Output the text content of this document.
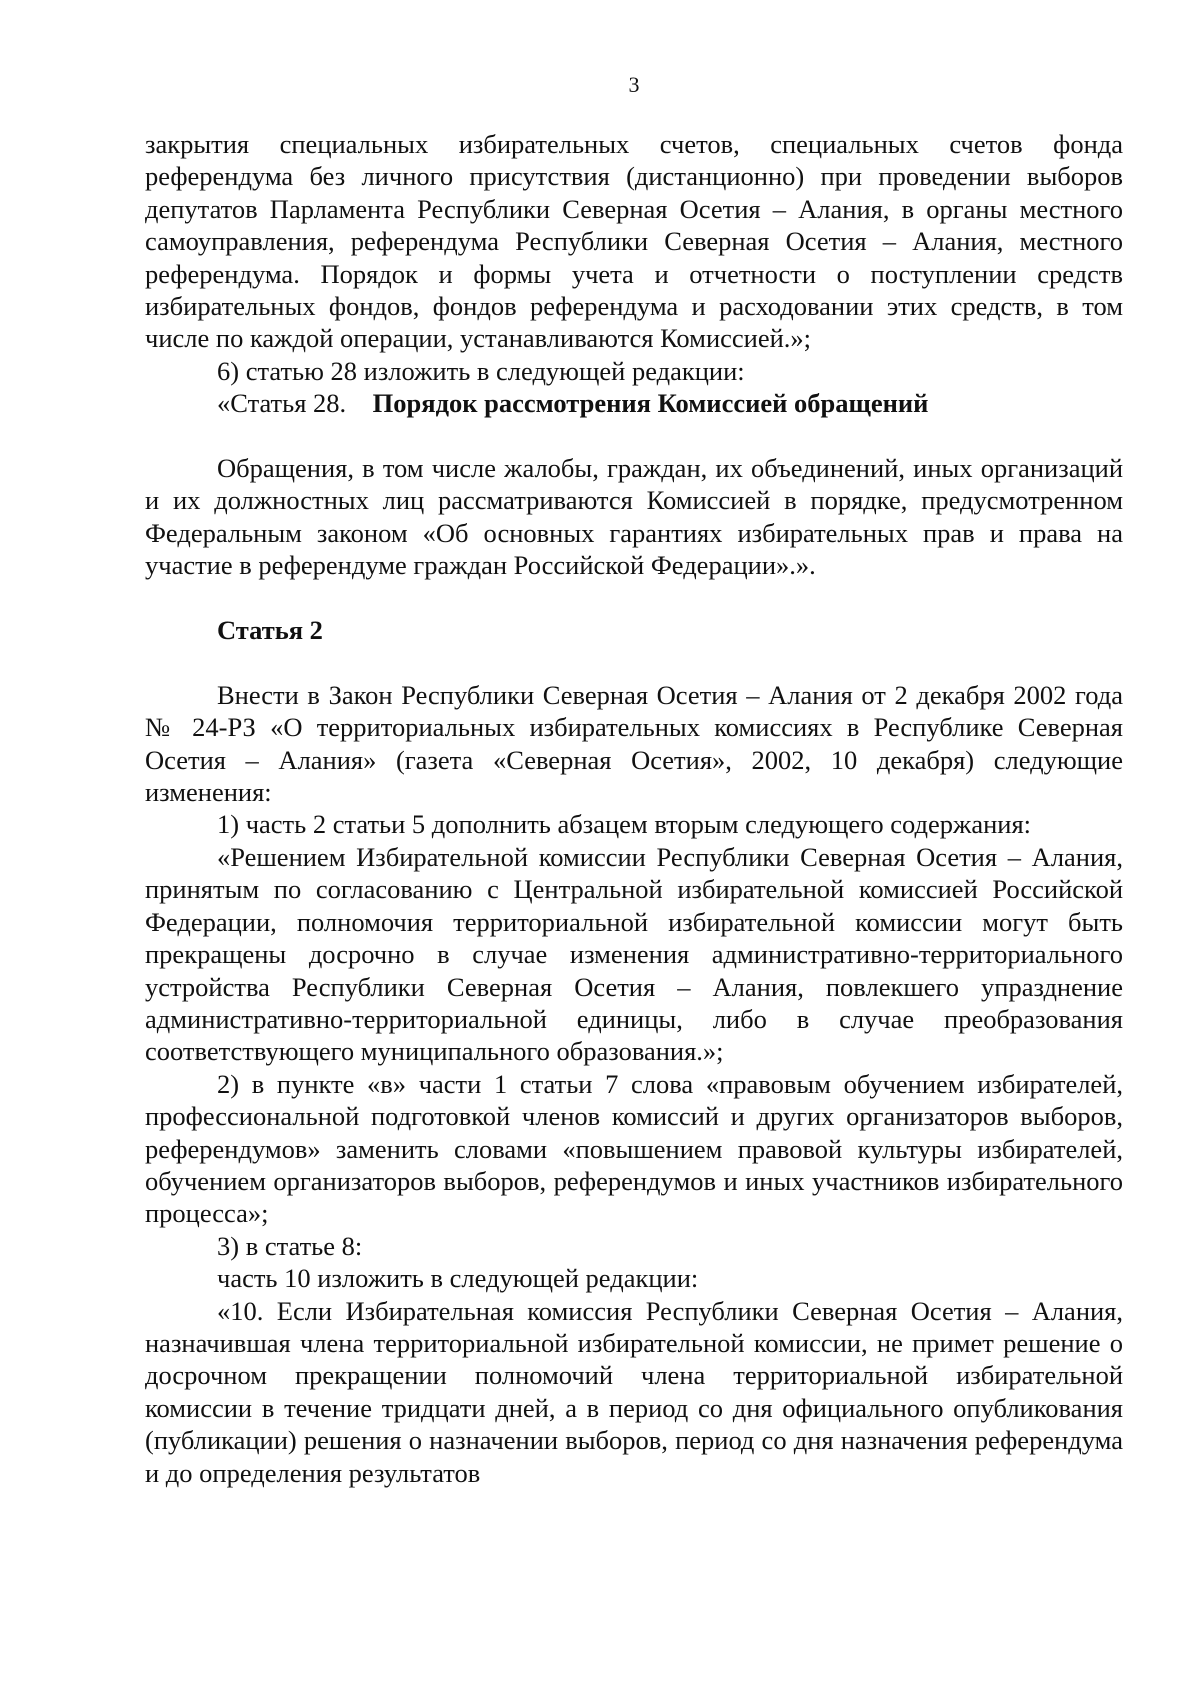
3

закрытия специальных избирательных счетов, специальных счетов фонда референдума без личного присутствия (дистанционно) при проведении выборов депутатов Парламента Республики Северная Осетия – Алания, в органы местного самоуправления, референдума Республики Северная Осетия – Алания, местного референдума. Порядок и формы учета и отчетности о поступлении средств избирательных фондов, фондов референдума и расходовании этих средств, в том числе по каждой операции, устанавливаются Комиссией.»;

6) статью 28 изложить в следующей редакции:

«Статья 28. Порядок рассмотрения Комиссией обращений

Обращения, в том числе жалобы, граждан, их объединений, иных организаций и их должностных лиц рассматриваются Комиссией в порядке, предусмотренном Федеральным законом «Об основных гарантиях избирательных прав и права на участие в референдуме граждан Российской Федерации».».

Статья 2

Внести в Закон Республики Северная Осетия – Алания от 2 декабря 2002 года № 24-РЗ «О территориальных избирательных комиссиях в Республике Северная Осетия – Алания» (газета «Северная Осетия», 2002, 10 декабря) следующие изменения:

1) часть 2 статьи 5 дополнить абзацем вторым следующего содержания:

«Решением Избирательной комиссии Республики Северная Осетия – Алания, принятым по согласованию с Центральной избирательной комиссией Российской Федерации, полномочия территориальной избирательной комиссии могут быть прекращены досрочно в случае изменения административно-территориального устройства Республики Северная Осетия – Алания, повлекшего упразднение административно-территориальной единицы, либо в случае преобразования соответствующего муниципального образования.»;

2) в пункте «в» части 1 статьи 7 слова «правовым обучением избирателей, профессиональной подготовкой членов комиссий и других организаторов выборов, референдумов» заменить словами «повышением правовой культуры избирателей, обучением организаторов выборов, референдумов и иных участников избирательного процесса»;

3) в статье 8:

часть 10 изложить в следующей редакции:

«10. Если Избирательная комиссия Республики Северная Осетия – Алания, назначившая члена территориальной избирательной комиссии, не примет решение о досрочном прекращении полномочий члена территориальной избирательной комиссии в течение тридцати дней, а в период со дня официального опубликования (публикации) решения о назначении выборов, период со дня назначения референдума и до определения результатов
